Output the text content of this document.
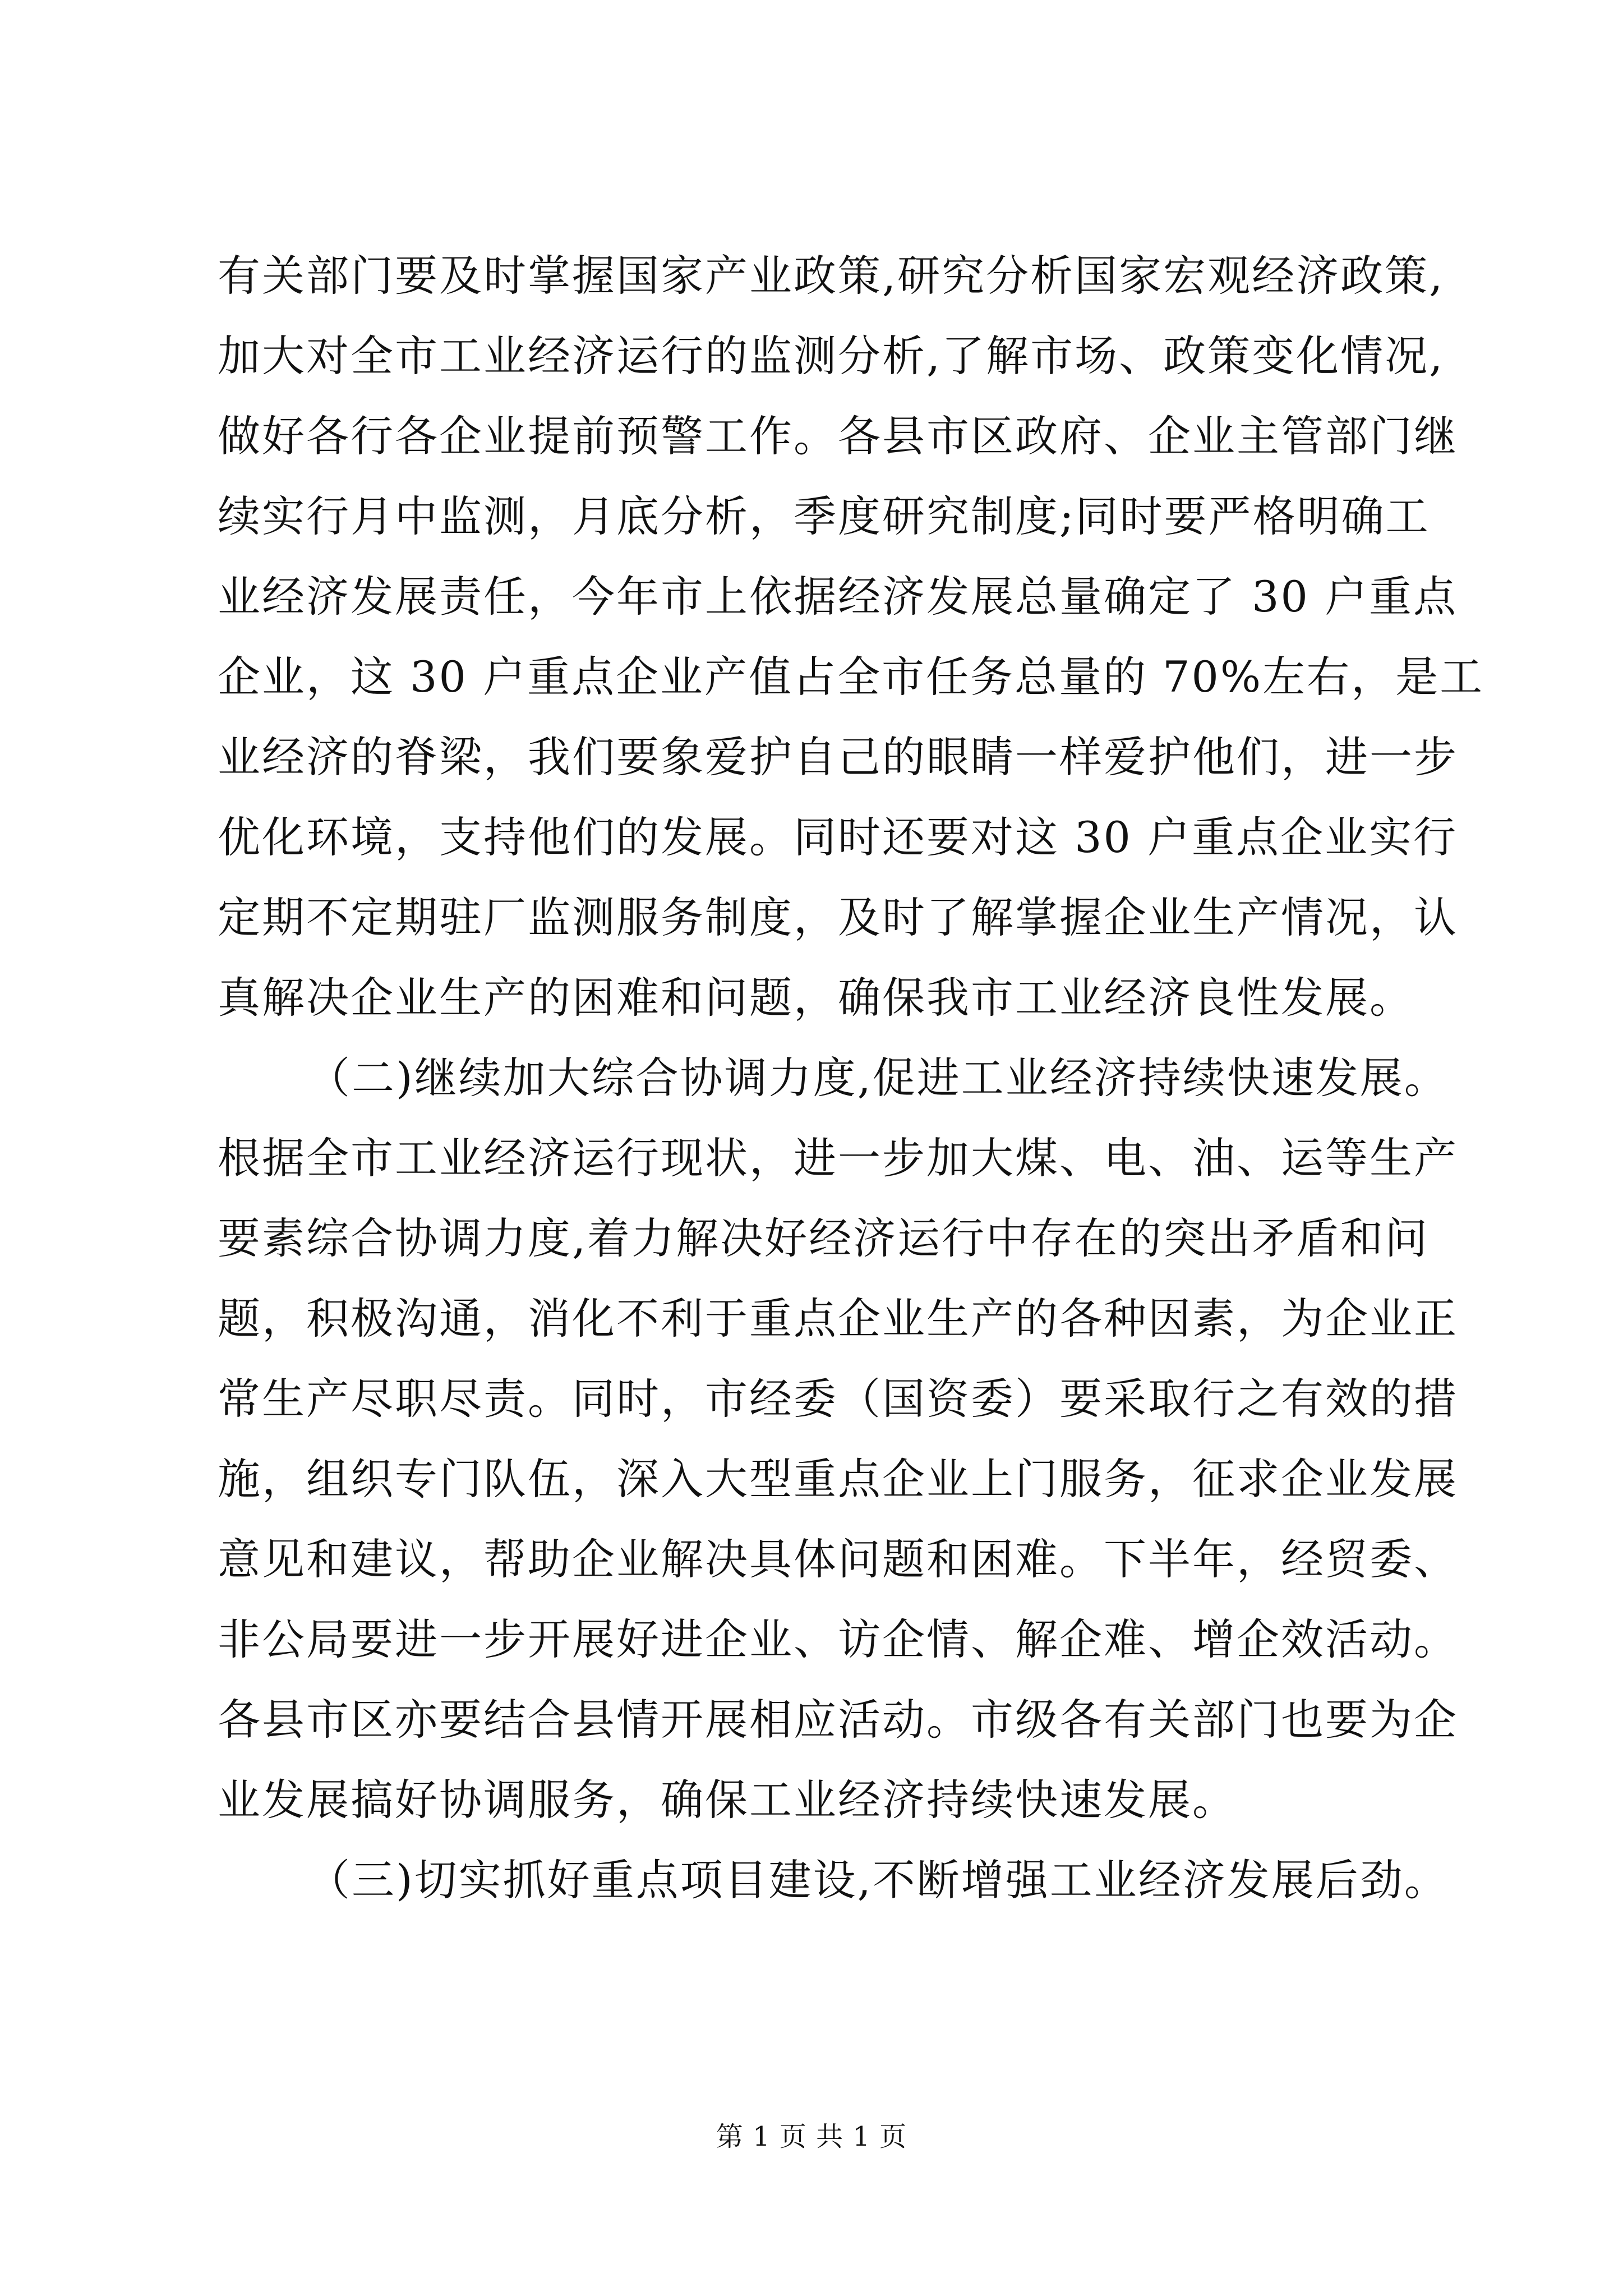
有关部门要及时掌握国家产业政策,研究分析国家宏观经济政策,
加大对全市工业经济运行的监测分析,了解市场、政策变化情况,
做好各行各企业提前预警工作。各县市区政府、企业主管部门继
续实行月中监测，月底分析，季度研究制度;同时要严格明确工
业经济发展责任，今年市上依据经济发展总量确定了 30 户重点
企业，这 30 户重点企业产值占全市任务总量的 70%左右，是工
业经济的脊梁，我们要象爱护自己的眼睛一样爱护他们，进一步
优化环境，支持他们的发展。同时还要对这 30 户重点企业实行
定期不定期驻厂监测服务制度，及时了解掌握企业生产情况，认
真解决企业生产的困难和问题，确保我市工业经济良性发展。
（二)继续加大综合协调力度,促进工业经济持续快速发展。
根据全市工业经济运行现状，进一步加大煤、电、油、运等生产
要素综合协调力度,着力解决好经济运行中存在的突出矛盾和问
题，积极沟通，消化不利于重点企业生产的各种因素，为企业正
常生产尽职尽责。同时，市经委（国资委）要采取行之有效的措
施，组织专门队伍，深入大型重点企业上门服务，征求企业发展
意见和建议，帮助企业解决具体问题和困难。下半年，经贸委、
非公局要进一步开展好进企业、访企情、解企难、增企效活动。
各县市区亦要结合县情开展相应活动。市级各有关部门也要为企
业发展搞好协调服务，确保工业经济持续快速发展。
（三)切实抓好重点项目建设,不断增强工业经济发展后劲。
第 1 页 共 1 页
